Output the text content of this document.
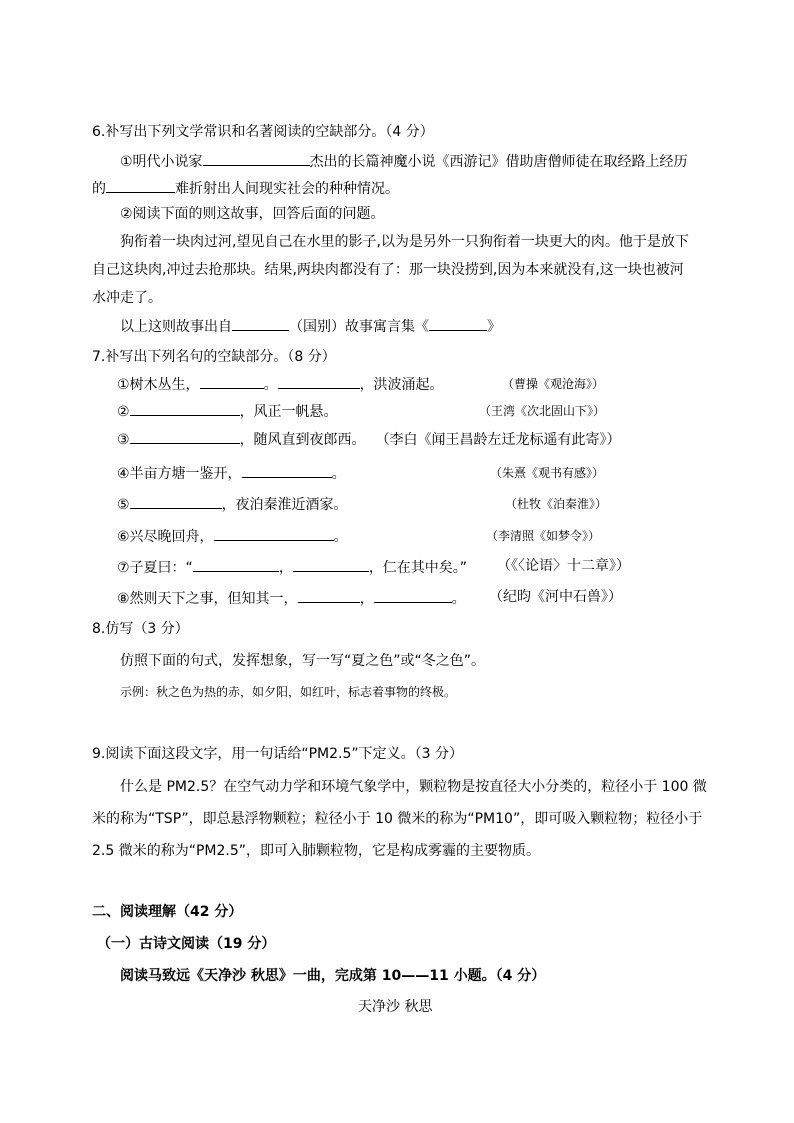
6.补写出下列文学常识和名著阅读的空缺部分。（4 分）
①明代小说家	杰出的长篇神魔小说《西游记》借助唐僧师徒在取经路上经历
的	难折射出人间现实社会的种种情况。
②阅读下面的则这故事，回答后面的问题。
狗衔着一块肉过河,望见自己在水里的影子,以为是另外一只狗衔着一块更大的肉。他于是放下
自己这块肉,冲过去抢那块。结果,两块肉都没有了：那一块没捞到,因为本来就没有,这一块也被河
水冲走了。
以上这则故事出自	（国别）故事寓言集《	》
7.补写出下列名句的空缺部分。（8 分）
①树木丛生，	。	，洪波涌起。	（曹操《观沧海》）
②	，风正一帆悬。	（王湾《次北固山下》）
③	，随风直到夜郎西。 （李白《闻王昌龄左迁龙标遥有此寄》）
④半亩方塘一鉴开，	。	（朱熹《观书有感》）
⑤	，夜泊秦淮近酒家。	（杜牧《泊秦淮》）
⑥兴尽晚回舟，	。	（李清照《如梦令》）
⑦子夏曰：“	，	，仁在其中矣。” （《〈论语〉十二章》）
⑧然则天下之事，但知其一，	，	。 （纪昀《河中石兽》）
8.仿写（3 分）
仿照下面的句式，发挥想象，写一写“夏之色”或“冬之色”。
示例：秋之色为热的赤，如夕阳，如红叶，标志着事物的终极。
9.阅读下面这段文字，用一句话给“PM2.5”下定义。（3 分）
什么是 PM2.5？在空气动力学和环境气象学中，颗粒物是按直径大小分类的，粒径小于 100 微
米的称为“TSP”，即总悬浮物颗粒；粒径小于 10 微米的称为“PM10”，即可吸入颗粒物；粒径小于
2.5 微米的称为“PM2.5”，即可入肺颗粒物，它是构成雾霾的主要物质。
二、阅读理解（42 分）
（一）古诗文阅读（19 分）
阅读马致远《天净沙 秋思》一曲，完成第 10——11 小题。（4 分）
天净沙 秋思
